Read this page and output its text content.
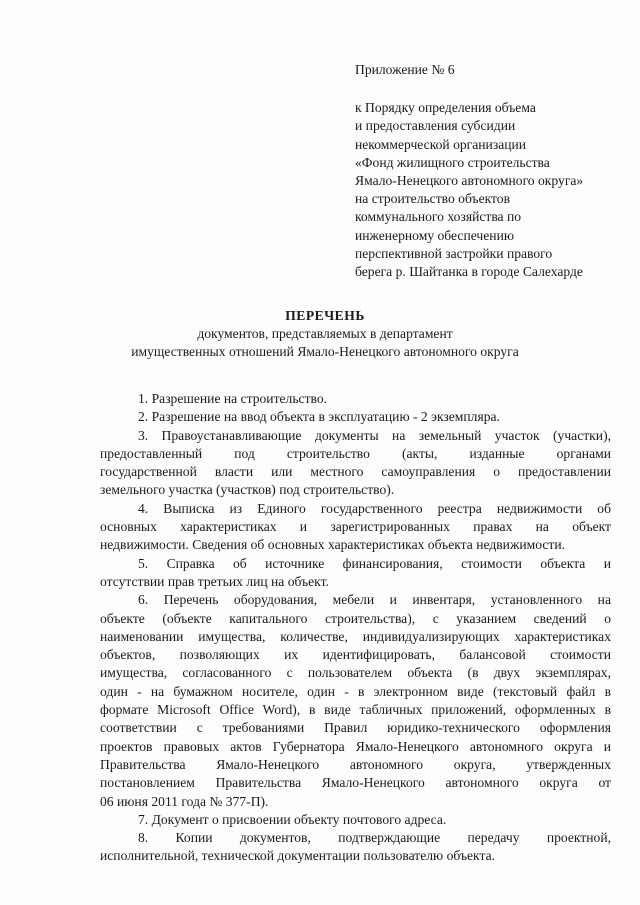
Приложение № 6
к Порядку определения объема
и предоставления субсидии
некоммерческой организации
«Фонд жилищного строительства
Ямало-Ненецкого автономного округа»
на строительство объектов
коммунального хозяйства по
инженерному обеспечению
перспективной застройки правого
берега р. Шайтанка в городе Салехарде
ПЕРЕЧЕНЬ
документов, представляемых в департамент
имущественных отношений Ямало-Ненецкого автономного округа
1. Разрешение на строительство.
2. Разрешение на ввод объекта в эксплуатацию - 2 экземпляра.
3. Правоустанавливающие документы на земельный участок (участки),
предоставленный под строительство (акты, изданные органами
государственной власти или местного самоуправления о предоставлении
земельного участка (участков) под строительство).
4. Выписка из Единого государственного реестра недвижимости об
основных характеристиках и зарегистрированных правах на объект
недвижимости. Сведения об основных характеристиках объекта недвижимости.
5. Справка об источнике финансирования, стоимости объекта и
отсутствии прав третьих лиц на объект.
6. Перечень оборудования, мебели и инвентаря, установленного на
объекте (объекте капитального строительства), с указанием сведений о
наименовании имущества, количестве, индивидуализирующих характеристиках
объектов, позволяющих их идентифицировать, балансовой стоимости
имущества, согласованного с пользователем объекта (в двух экземплярах,
один - на бумажном носителе, один - в электронном виде (текстовый файл в
формате Microsoft Office Word), в виде табличных приложений, оформленных в
соответствии с требованиями Правил юридико-технического оформления
проектов правовых актов Губернатора Ямало-Ненецкого автономного округа и
Правительства Ямало-Ненецкого автономного округа, утвержденных
постановлением Правительства Ямало-Ненецкого автономного округа от
06 июня 2011 года № 377-П).
7. Документ о присвоении объекту почтового адреса.
8. Копии документов, подтверждающие передачу проектной,
исполнительной, технической документации пользователю объекта.
